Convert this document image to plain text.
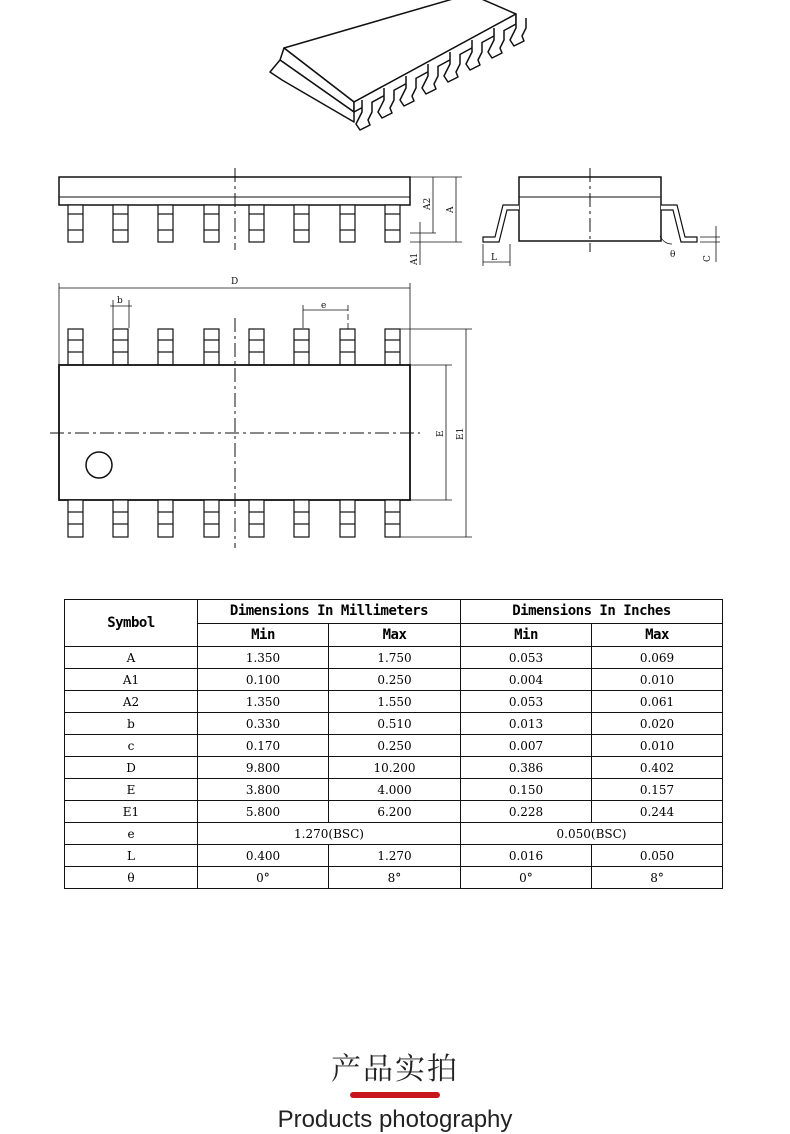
A2 A
A1	L	θ	C
D
b	e
E E1
Symbol	Dimensions In Millimeters		Dimensions In Inches	
	Min	Max	Min	Max
A	1.350	1.750	0.053	0.069
A1	0.100	0.250	0.004	0.010
A2	1.350	1.550	0.053	0.061
b	0.330	0.510	0.013	0.020
c	0.170	0.250	0.007	0.010
D	9.800	10.200	0.386	0.402
E	3.800	4.000	0.150	0.157
E1	5.800	6.200	0.228	0.244
e	1.270(BSC)		0.050(BSC)	
L	0.400	1.270	0.016	0.050
θ	0°	8°	0°	8°
产品实拍
Products photography
